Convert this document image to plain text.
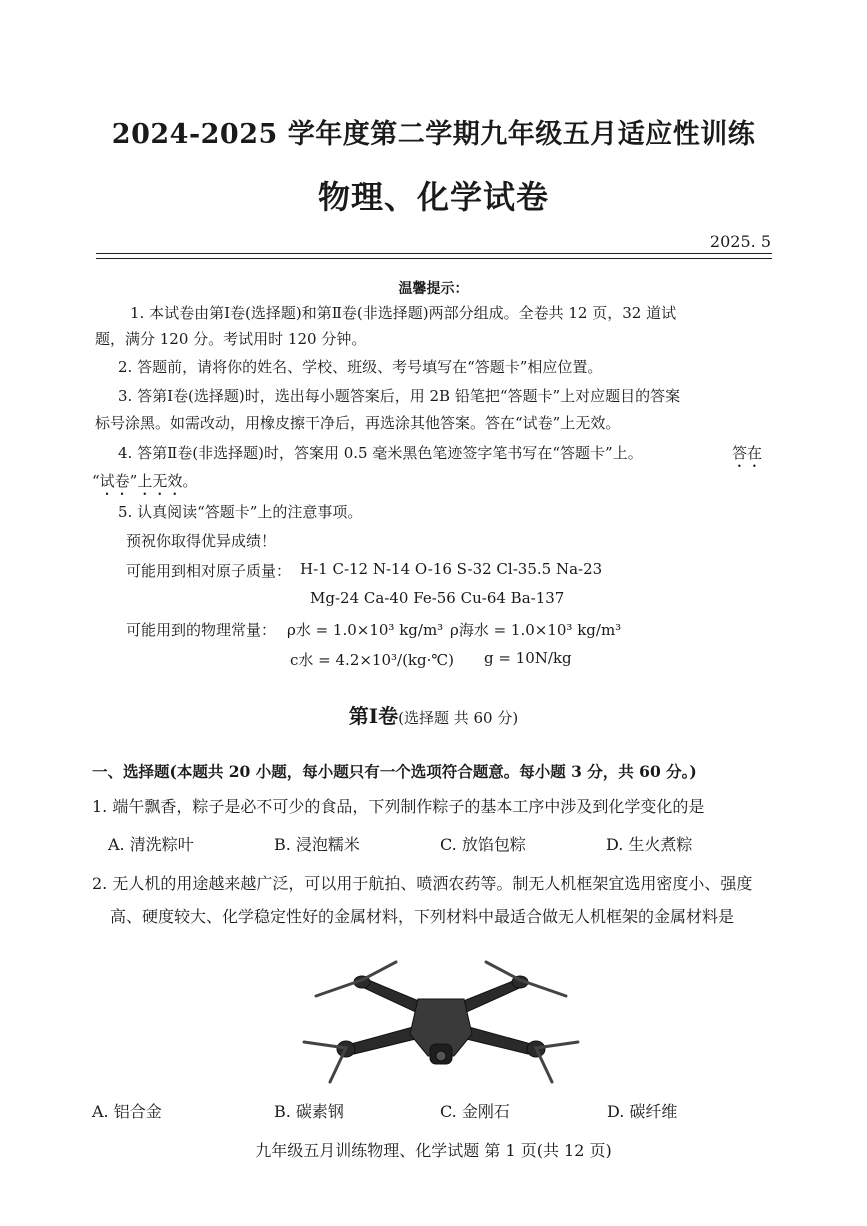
2024-2025 学年度第二学期九年级五月适应性训练
物理、化学试卷
2025. 5
温馨提示：
1. 本试卷由第Ⅰ卷(选择题)和第Ⅱ卷(非选择题)两部分组成。全卷共 12 页，32 道试
题，满分 120 分。考试用时 120 分钟。
2. 答题前，请将你的姓名、学校、班级、考号填写在“答题卡”相应位置。
3. 答第Ⅰ卷(选择题)时，选出每小题答案后，用 2B 铅笔把“答题卡”上对应题目的答案
标号涂黑。如需改动，用橡皮擦干净后，再选涂其他答案。答在“试卷”上无效。
4. 答第Ⅱ卷(非选择题)时，答案用 0.5 毫米黑色笔迹签字笔书写在“答题卡”上。	答在
“试卷”上无效。
5. 认真阅读“答题卡”上的注意事项。
预祝你取得优异成绩！
可能用到相对原子质量： H-1 C-12 N-14 O-16 S-32 Cl-35.5 Na-23
Mg-24 Ca-40 Fe-56 Cu-64 Ba-137
可能用到的物理常量： ρ水 = 1.0×10³ kg/m³ ρ海水 = 1.0×10³ kg/m³
c水 = 4.2×10³/(kg·℃) g = 10N/kg
第Ⅰ卷(选择题 共 60 分)
一、选择题(本题共 20 小题，每小题只有一个选项符合题意。每小题 3 分，共 60 分。)
1. 端午飘香，粽子是必不可少的食品，下列制作粽子的基本工序中涉及到化学变化的是
A. 清洗粽叶	B. 浸泡糯米	C. 放馅包粽	D. 生火煮粽
2. 无人机的用途越来越广泛，可以用于航拍、喷洒农药等。制无人机框架宜选用密度小、强度
高、硬度较大、化学稳定性好的金属材料，下列材料中最适合做无人机框架的金属材料是
A. 铝合金	B. 碳素钢	C. 金刚石	D. 碳纤维
九年级五月训练物理、化学试题 第 1 页(共 12 页)
